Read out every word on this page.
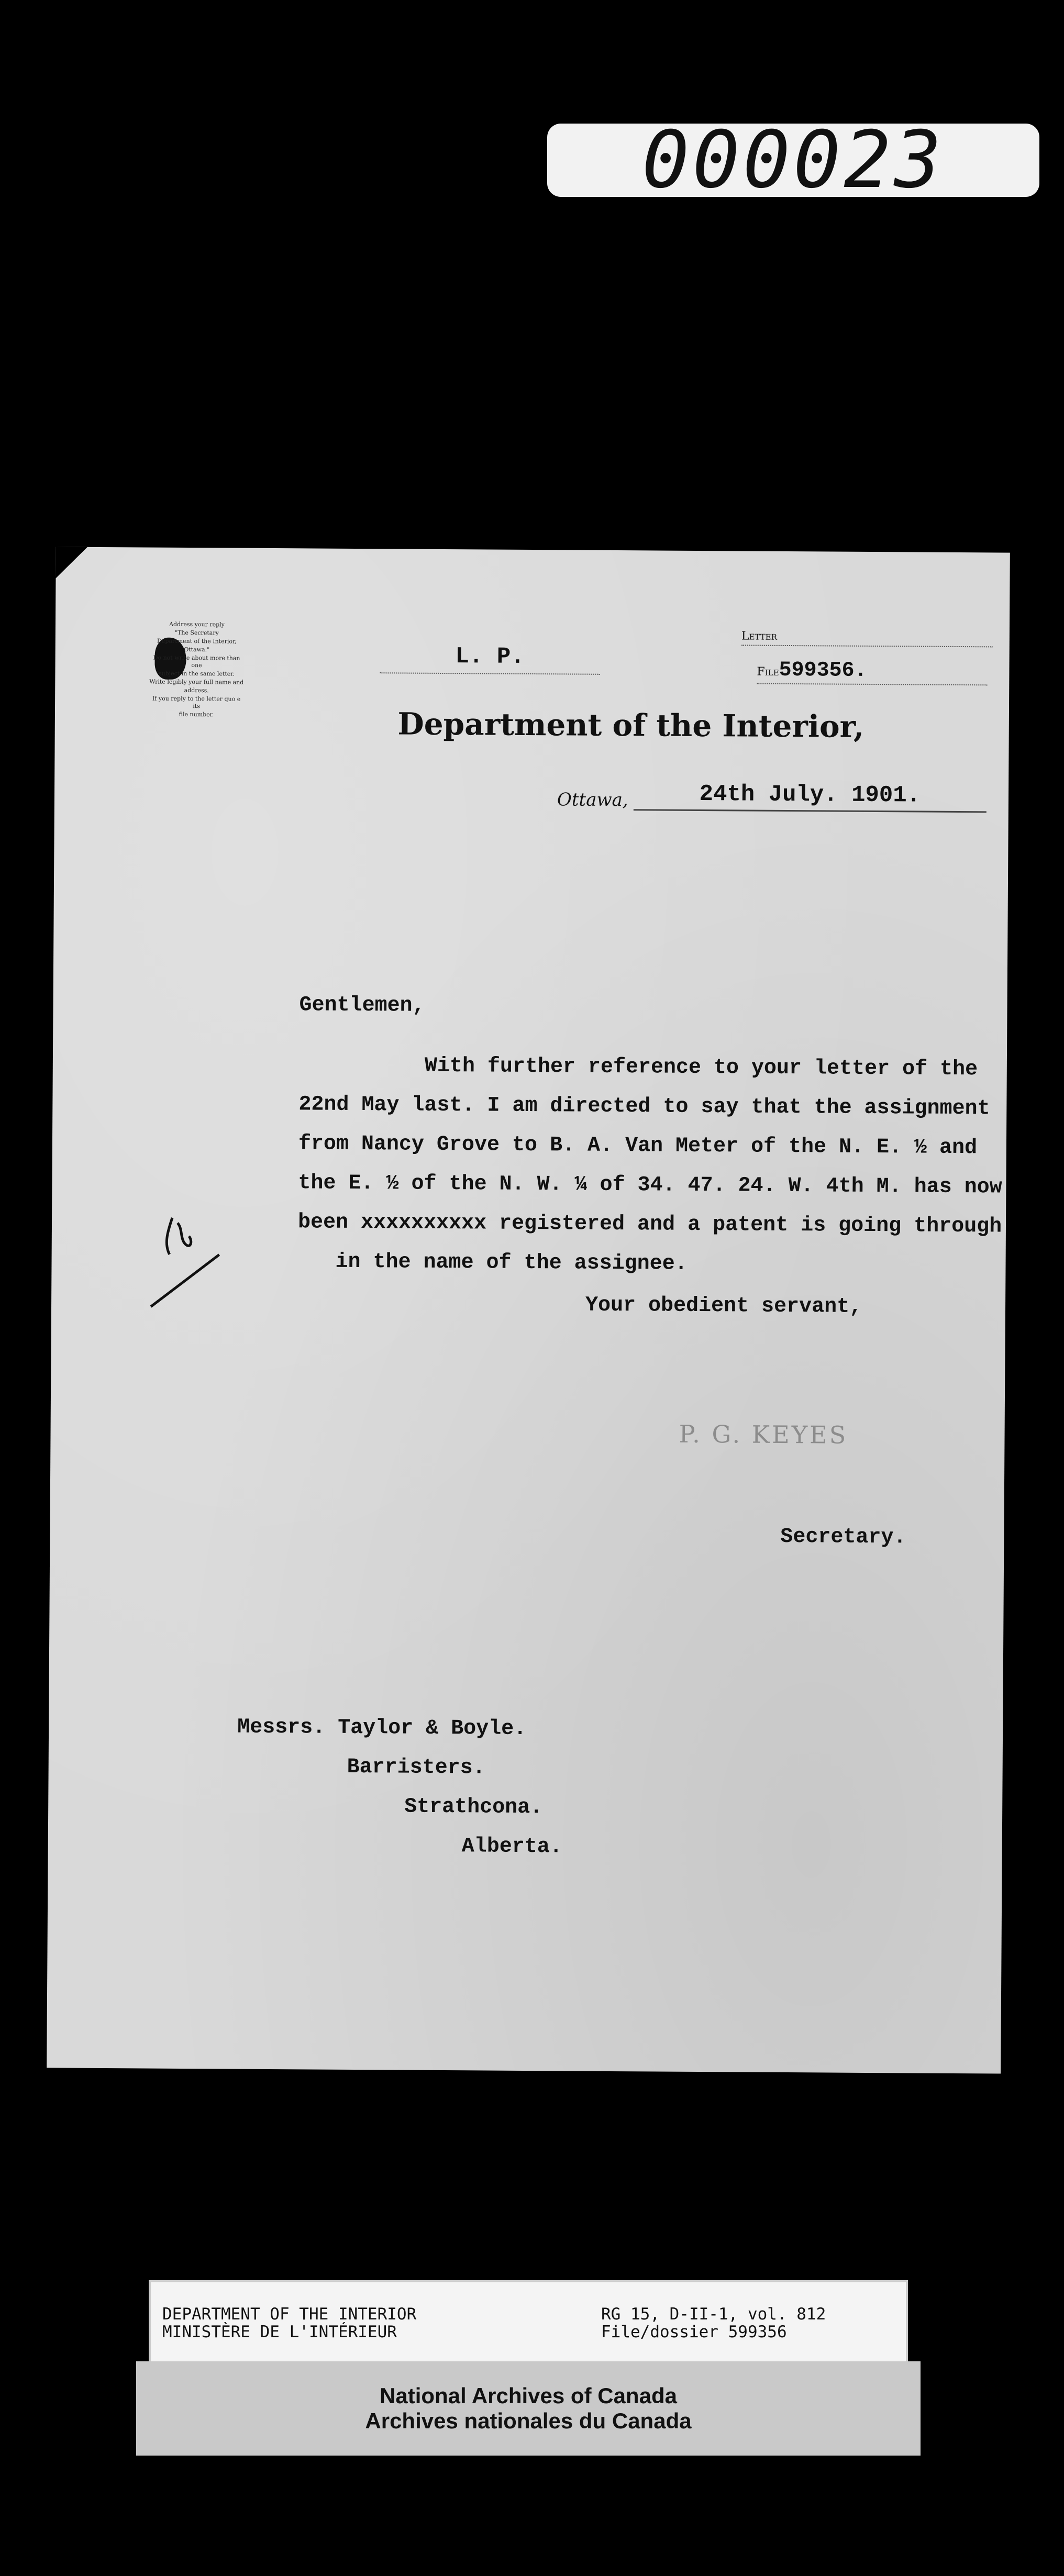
000023
Address your reply
"The Secretary
Department of the Interior,
Ottawa."
Do not write about more than one
subject in the same letter.
Write legibly your full name and
address.
If you reply to the letter quo e its
file number.
L. P.
Letter
File599356.
Department of the Interior,
Ottawa,	24th July. 1901.
Gentlemen,
With further reference to your letter of the
22nd May last. I am directed to say that the assignment
from Nancy Grove to B. A. Van Meter of the N. E. ½ and
the E. ½ of the N. W. ¼ of 34. 47. 24. W. 4th M. has now
been xxxxxxxxxx registered and a patent is going through
in the name of the assignee.
Your obedient servant,
P. G. KEYES
Secretary.
Messrs. Taylor & Boyle.
Barristers.
Strathcona.
Alberta.
DEPARTMENT OF THE INTERIOR
MINISTÈRE DE L'INTÉRIEUR
RG 15, D-II-1, vol. 812
File/dossier 599356
National Archives of Canada
Archives nationales du Canada
